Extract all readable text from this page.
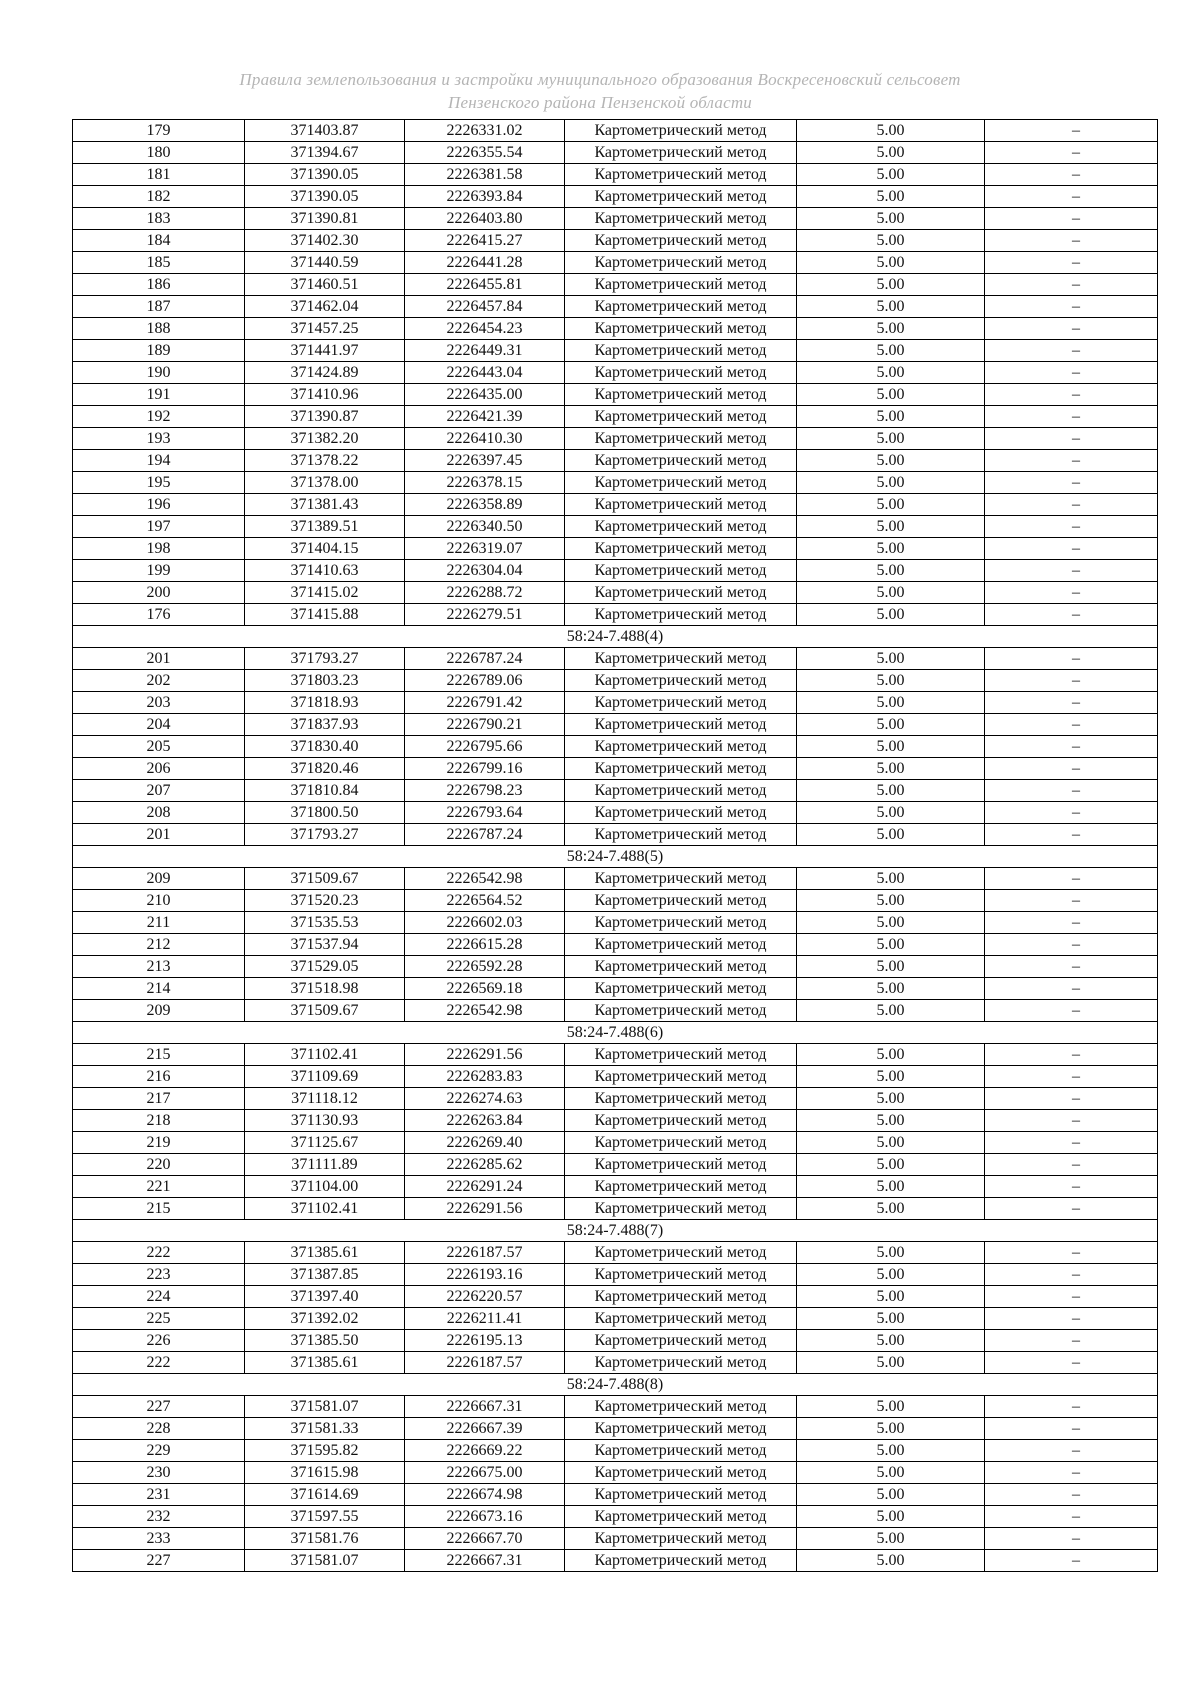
Правила землепользования и застройки муниципального образования Воскресеновский сельсовет
Пензенского района Пензенской области
179	371403.87	2226331.02	Картометрический метод	5.00	–
180	371394.67	2226355.54	Картометрический метод	5.00	–
181	371390.05	2226381.58	Картометрический метод	5.00	–
182	371390.05	2226393.84	Картометрический метод	5.00	–
183	371390.81	2226403.80	Картометрический метод	5.00	–
184	371402.30	2226415.27	Картометрический метод	5.00	–
185	371440.59	2226441.28	Картометрический метод	5.00	–
186	371460.51	2226455.81	Картометрический метод	5.00	–
187	371462.04	2226457.84	Картометрический метод	5.00	–
188	371457.25	2226454.23	Картометрический метод	5.00	–
189	371441.97	2226449.31	Картометрический метод	5.00	–
190	371424.89	2226443.04	Картометрический метод	5.00	–
191	371410.96	2226435.00	Картометрический метод	5.00	–
192	371390.87	2226421.39	Картометрический метод	5.00	–
193	371382.20	2226410.30	Картометрический метод	5.00	–
194	371378.22	2226397.45	Картометрический метод	5.00	–
195	371378.00	2226378.15	Картометрический метод	5.00	–
196	371381.43	2226358.89	Картометрический метод	5.00	–
197	371389.51	2226340.50	Картометрический метод	5.00	–
198	371404.15	2226319.07	Картометрический метод	5.00	–
199	371410.63	2226304.04	Картометрический метод	5.00	–
200	371415.02	2226288.72	Картометрический метод	5.00	–
176	371415.88	2226279.51	Картометрический метод	5.00	–
58:24-7.488(4)					
201	371793.27	2226787.24	Картометрический метод	5.00	–
202	371803.23	2226789.06	Картометрический метод	5.00	–
203	371818.93	2226791.42	Картометрический метод	5.00	–
204	371837.93	2226790.21	Картометрический метод	5.00	–
205	371830.40	2226795.66	Картометрический метод	5.00	–
206	371820.46	2226799.16	Картометрический метод	5.00	–
207	371810.84	2226798.23	Картометрический метод	5.00	–
208	371800.50	2226793.64	Картометрический метод	5.00	–
201	371793.27	2226787.24	Картометрический метод	5.00	–
58:24-7.488(5)					
209	371509.67	2226542.98	Картометрический метод	5.00	–
210	371520.23	2226564.52	Картометрический метод	5.00	–
211	371535.53	2226602.03	Картометрический метод	5.00	–
212	371537.94	2226615.28	Картометрический метод	5.00	–
213	371529.05	2226592.28	Картометрический метод	5.00	–
214	371518.98	2226569.18	Картометрический метод	5.00	–
209	371509.67	2226542.98	Картометрический метод	5.00	–
58:24-7.488(6)					
215	371102.41	2226291.56	Картометрический метод	5.00	–
216	371109.69	2226283.83	Картометрический метод	5.00	–
217	371118.12	2226274.63	Картометрический метод	5.00	–
218	371130.93	2226263.84	Картометрический метод	5.00	–
219	371125.67	2226269.40	Картометрический метод	5.00	–
220	371111.89	2226285.62	Картометрический метод	5.00	–
221	371104.00	2226291.24	Картометрический метод	5.00	–
215	371102.41	2226291.56	Картометрический метод	5.00	–
58:24-7.488(7)					
222	371385.61	2226187.57	Картометрический метод	5.00	–
223	371387.85	2226193.16	Картометрический метод	5.00	–
224	371397.40	2226220.57	Картометрический метод	5.00	–
225	371392.02	2226211.41	Картометрический метод	5.00	–
226	371385.50	2226195.13	Картометрический метод	5.00	–
222	371385.61	2226187.57	Картометрический метод	5.00	–
58:24-7.488(8)					
227	371581.07	2226667.31	Картометрический метод	5.00	–
228	371581.33	2226667.39	Картометрический метод	5.00	–
229	371595.82	2226669.22	Картометрический метод	5.00	–
230	371615.98	2226675.00	Картометрический метод	5.00	–
231	371614.69	2226674.98	Картометрический метод	5.00	–
232	371597.55	2226673.16	Картометрический метод	5.00	–
233	371581.76	2226667.70	Картометрический метод	5.00	–
227	371581.07	2226667.31	Картометрический метод	5.00	–
